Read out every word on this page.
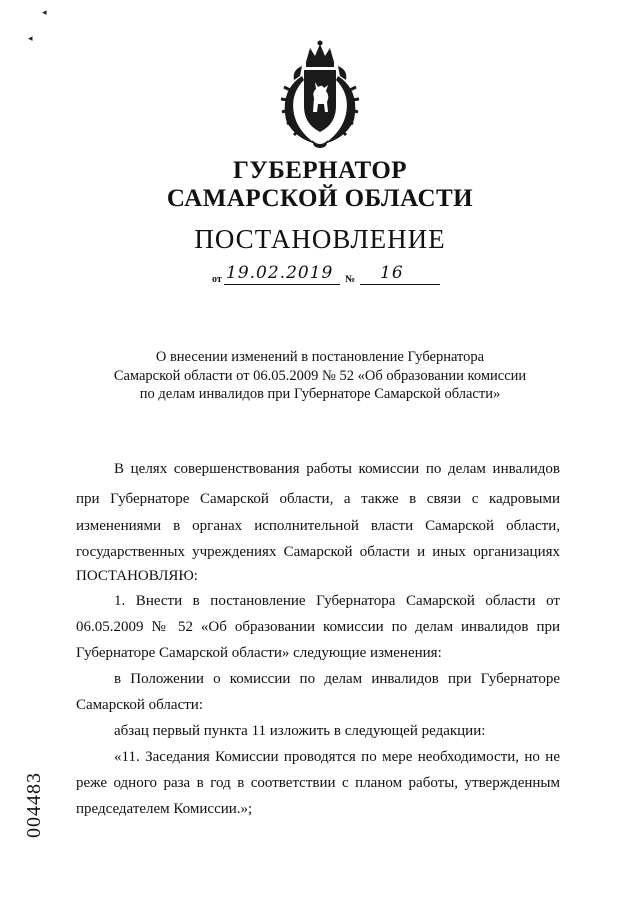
◂
◂
ГУБЕРНАТОР
САМАРСКОЙ ОБЛАСТИ
ПОСТАНОВЛЕНИЕ
от 19.02.2019 № 16
О внесении изменений в постановление Губернатора
Самарской области от 06.05.2009 № 52 «Об образовании комиссии
по делам инвалидов при Губернаторе Самарской области»
В целях совершенствования работы комиссии по делам инвалидов
при Губернаторе Самарской области, а также в связи с кадровыми
изменениями в органах исполнительной власти Самарской области,
государственных учреждениях Самарской области и иных организациях
ПОСТАНОВЛЯЮ:
1. Внести в постановление Губернатора Самарской области от
06.05.2009 № 52 «Об образовании комиссии по делам инвалидов при
Губернаторе Самарской области» следующие изменения:
в Положении о комиссии по делам инвалидов при Губернаторе
Самарской области:
абзац первый пункта 11 изложить в следующей редакции:
«11. Заседания Комиссии проводятся по мере необходимости, но не
реже одного раза в год в соответствии с планом работы, утвержденным
председателем Комиссии.»;
004483
